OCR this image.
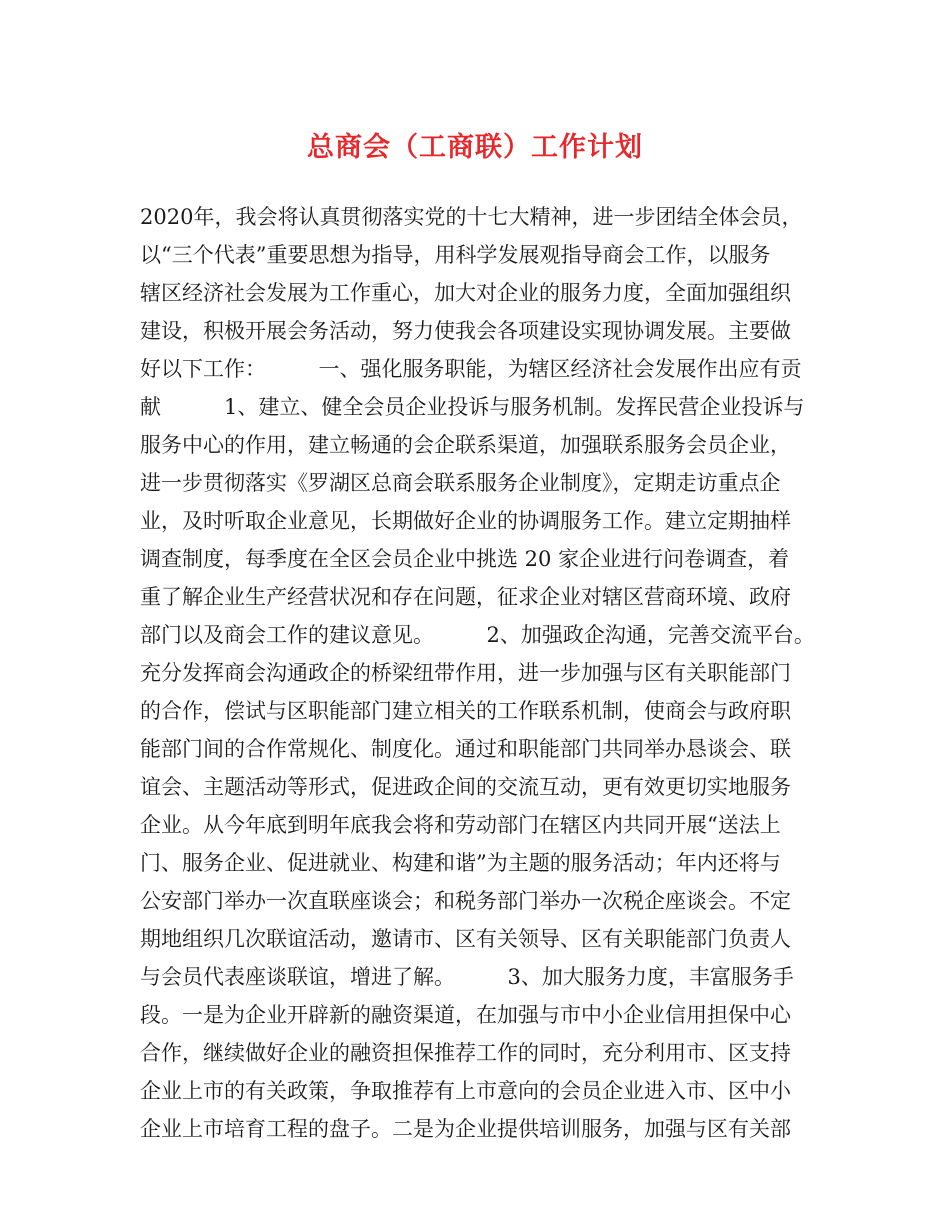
总商会（工商联）工作计划
2020年，我会将认真贯彻落实党的十七大精神，进一步团结全体会员，
以“三个代表”重要思想为指导，用科学发展观指导商会工作，以服务
辖区经济社会发展为工作重心，加大对企业的服务力度，全面加强组织
建设，积极开展会务活动，努力使我会各项建设实现协调发展。主要做
好以下工作：　　　一、强化服务职能，为辖区经济社会发展作出应有贡
献　　　1、建立、健全会员企业投诉与服务机制。发挥民营企业投诉与
服务中心的作用，建立畅通的会企联系渠道，加强联系服务会员企业，
进一步贯彻落实《罗湖区总商会联系服务企业制度》，定期走访重点企
业，及时听取企业意见，长期做好企业的协调服务工作。建立定期抽样
调查制度，每季度在全区会员企业中挑选 20 家企业进行问卷调查，着
重了解企业生产经营状况和存在问题，征求企业对辖区营商环境、政府
部门以及商会工作的建议意见。　　　2、加强政企沟通，完善交流平台。
充分发挥商会沟通政企的桥梁纽带作用，进一步加强与区有关职能部门
的合作，偿试与区职能部门建立相关的工作联系机制，使商会与政府职
能部门间的合作常规化、制度化。通过和职能部门共同举办恳谈会、联
谊会、主题活动等形式，促进政企间的交流互动，更有效更切实地服务
企业。从今年底到明年底我会将和劳动部门在辖区内共同开展“送法上
门、服务企业、促进就业、构建和谐”为主题的服务活动；年内还将与
公安部门举办一次直联座谈会；和税务部门举办一次税企座谈会。不定
期地组织几次联谊活动，邀请市、区有关领导、区有关职能部门负责人
与会员代表座谈联谊，增进了解。　　　3、加大服务力度，丰富服务手
段。一是为企业开辟新的融资渠道，在加强与市中小企业信用担保中心
合作，继续做好企业的融资担保推荐工作的同时，充分利用市、区支持
企业上市的有关政策，争取推荐有上市意向的会员企业进入市、区中小
企业上市培育工程的盘子。二是为企业提供培训服务，加强与区有关部
